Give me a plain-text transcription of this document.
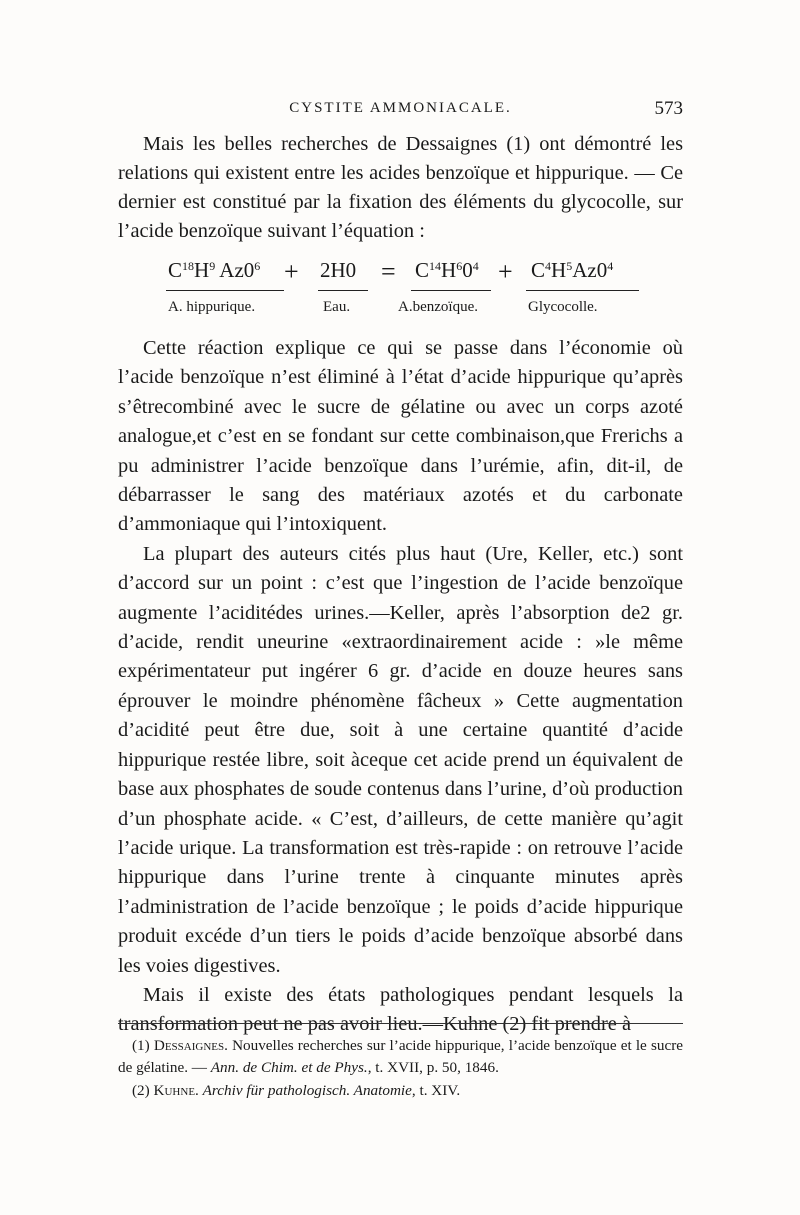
CYSTITE AMMONIACALE.	573

Mais les belles recherches de Dessaignes (1) ont démontré les relations qui existent entre les acides benzoïque et hippurique. — Ce dernier est constitué par la fixation des éléments du glycocolle, sur l’acide benzoïque suivant l’équation :

$C^{18}H^9$ $Az0^6 + 2H0 = C^{14}H^60^4 + C^4H^5Az0^4$
A. hippurique.	Eau.	A.benzoïque.	Glycocolle.

Cette réaction explique ce qui se passe dans l’économie où l’acide benzoïque n’est éliminé à l’état d’acide hippurique qu’après s’êtrecombiné avec le sucre de gélatine ou avec un corps azoté analogue,et c’est en se fondant sur cette combinaison,que Frerichs a pu administrer l’acide benzoïque dans l’urémie, afin, dit-il, de débarrasser le sang des matériaux azotés et du carbonate d’ammoniaque qui l’intoxiquent.

La plupart des auteurs cités plus haut (Ure, Keller, etc.) sont d’accord sur un point : c’est que l’ingestion de l’acide benzoïque augmente l’aciditédes urines.—Keller, après l’absorption de2 gr. d’acide, rendit uneurine «extraordinairement acide : »le même expérimentateur put ingérer 6 gr. d’acide en douze heures sans éprouver le moindre phénomène fâcheux » Cette augmentation d’acidité peut être due, soit à une certaine quantité d’acide hippurique restée libre, soit àceque cet acide prend un équivalent de base aux phosphates de soude contenus dans l’urine, d’où production d’un phosphate acide. « C’est, d’ailleurs, de cette manière qu’agit l’acide urique. La transformation est très-rapide : on retrouve l’acide hippurique dans l’urine trente à cinquante minutes après l’administration de l’acide benzoïque ; le poids d’acide hippurique produit excéde d’un tiers le poids d’acide benzoïque absorbé dans les voies digestives.

Mais il existe des états pathologiques pendant lesquels la transformation peut ne pas avoir lieu.—Kuhne (2) fit prendre à

(1) Dessaignes. Nouvelles recherches sur l’acide hippurique, l’acide benzoïque et le sucre de gélatine. — Ann. de Chim. et de Phys., t. XVII, p. 50, 1846.

(2) Kuhne. Archiv für pathologisch. Anatomie, t. XIV.
